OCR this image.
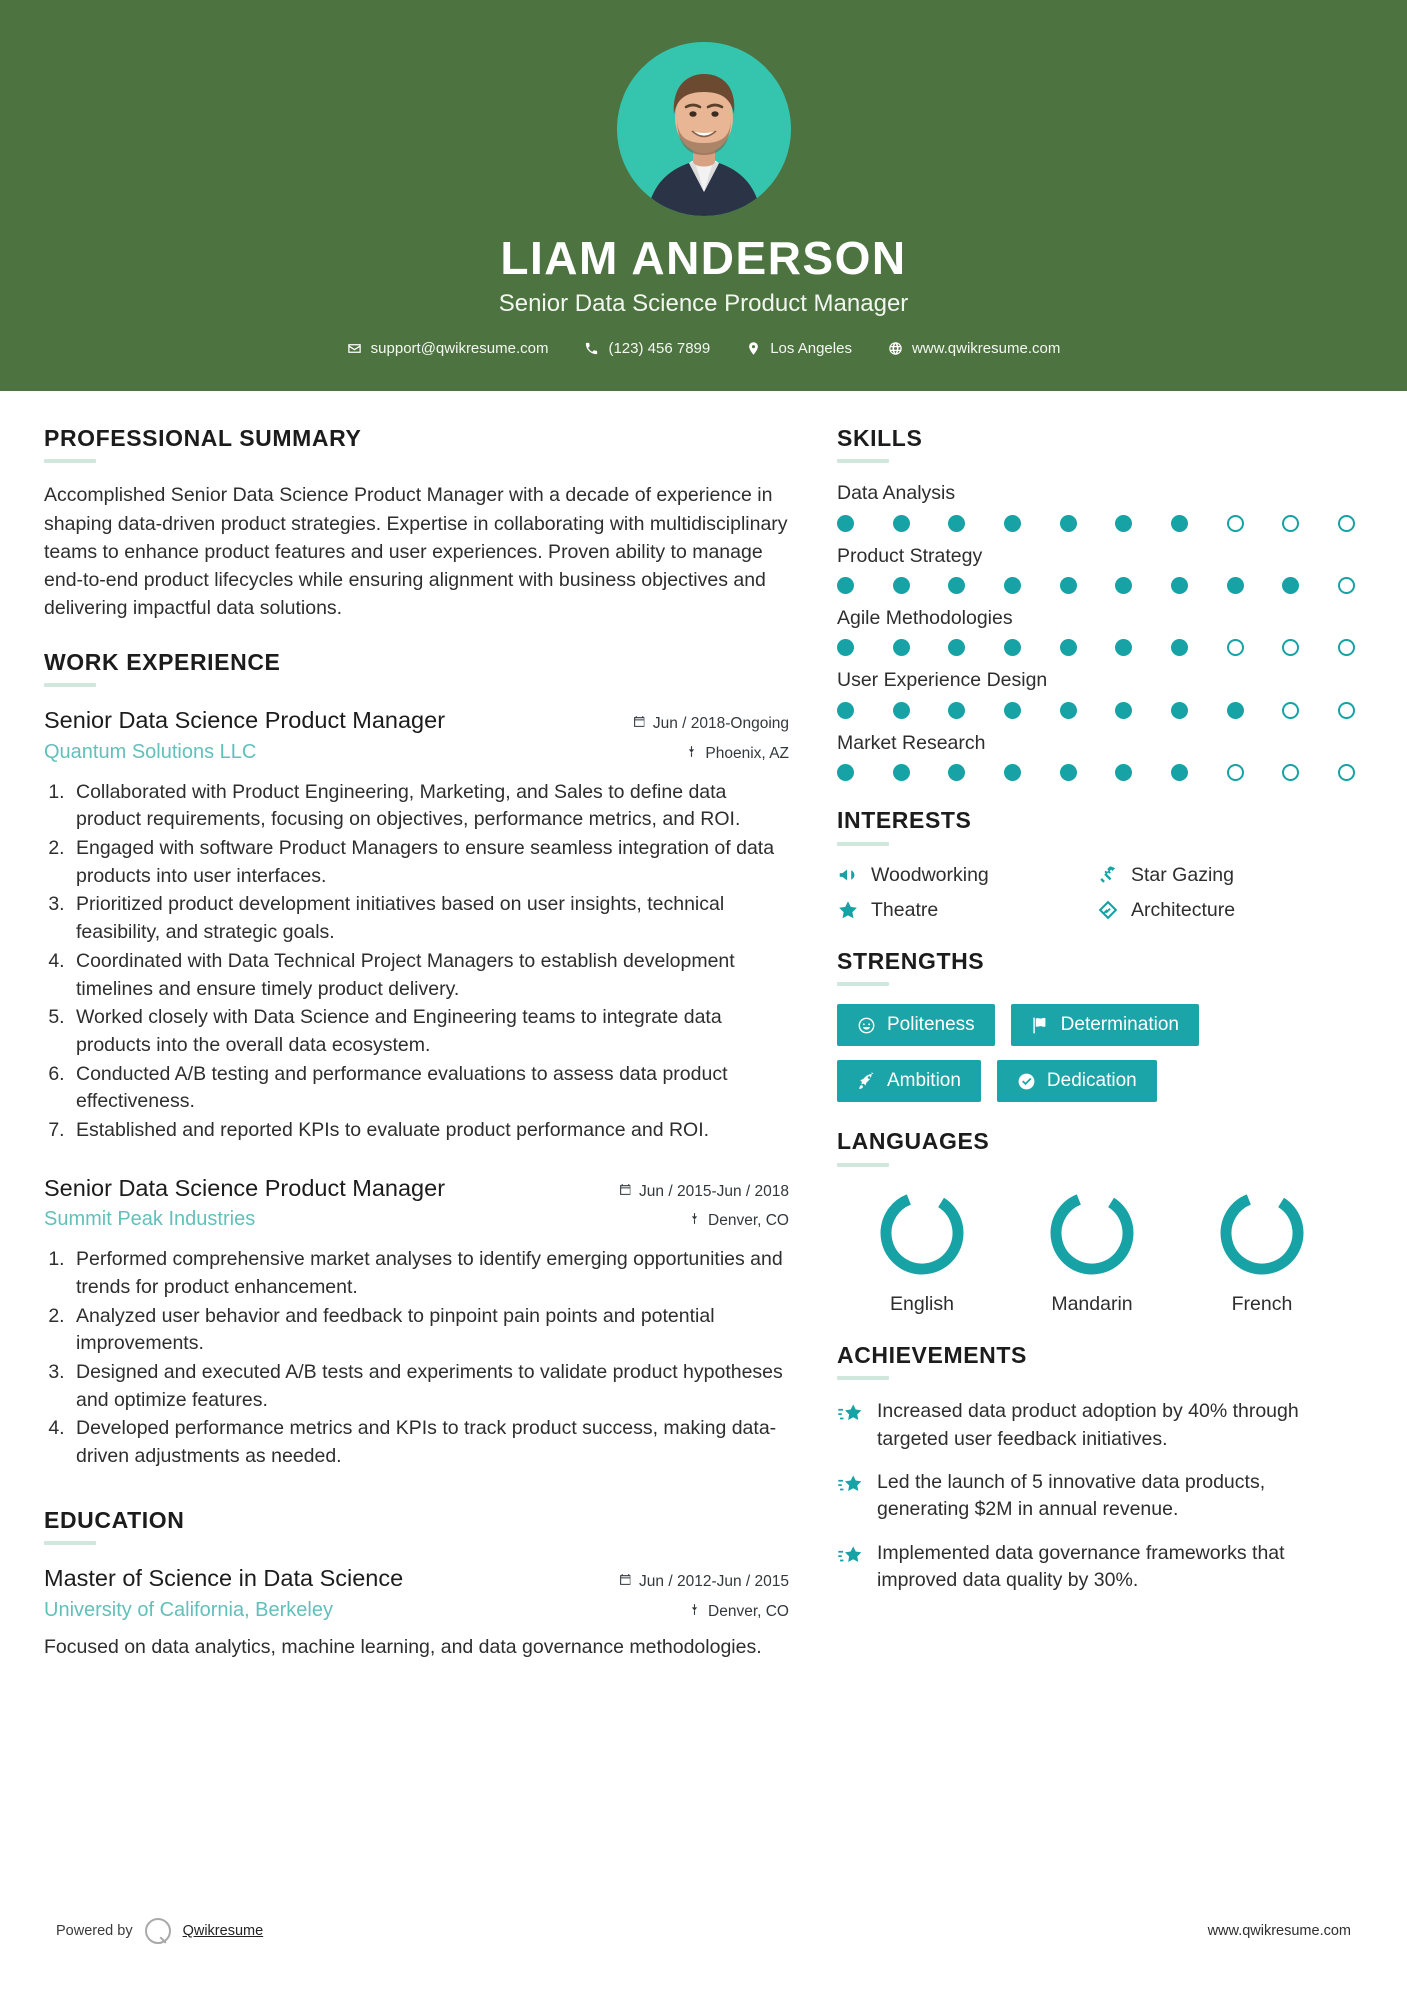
LIAM ANDERSON
Senior Data Science Product Manager
support@qwikresume.com	(123) 456 7899	Los Angeles	www.qwikresume.com
PROFESSIONAL SUMMARY

Accomplished Senior Data Science Product Manager with a decade of experience in shaping data-driven product strategies. Expertise in collaborating with multidisciplinary teams to enhance product features and user experiences. Proven ability to manage end-to-end product lifecycles while ensuring alignment with business objectives and delivering impactful data solutions.

WORK EXPERIENCE
Senior Data Science Product Manager	Jun / 2018-Ongoing
Quantum Solutions LLC	Phoenix, AZ
1. Collaborated with Product Engineering, Marketing, and Sales to define data product requirements, focusing on objectives, performance metrics, and ROI.
2. Engaged with software Product Managers to ensure seamless integration of data products into user interfaces.
3. Prioritized product development initiatives based on user insights, technical feasibility, and strategic goals.
4. Coordinated with Data Technical Project Managers to establish development timelines and ensure timely product delivery.
5. Worked closely with Data Science and Engineering teams to integrate data products into the overall data ecosystem.
6. Conducted A/B testing and performance evaluations to assess data product effectiveness.
7. Established and reported KPIs to evaluate product performance and ROI.
Senior Data Science Product Manager	Jun / 2015-Jun / 2018
Summit Peak Industries	Denver, CO
1. Performed comprehensive market analyses to identify emerging opportunities and trends for product enhancement.
2. Analyzed user behavior and feedback to pinpoint pain points and potential improvements.
3. Designed and executed A/B tests and experiments to validate product hypotheses and optimize features.
4. Developed performance metrics and KPIs to track product success, making data-driven adjustments as needed.
EDUCATION
Master of Science in Data Science	Jun / 2012-Jun / 2015
University of California, Berkeley	Denver, CO

Focused on data analytics, machine learning, and data governance methodologies.

SKILLS
Data Analysis
Product Strategy
Agile Methodologies
User Experience Design
Market Research
INTERESTS
Woodworking	Star Gazing
Theatre	Architecture
STRENGTHS
Politeness	Determination
Ambition	Dedication
LANGUAGES
English	Mandarin	French
ACHIEVEMENTS
Increased data product adoption by 40% through targeted user feedback initiatives.
Led the launch of 5 innovative data products, generating $2M in annual revenue.
Implemented data governance frameworks that improved data quality by 30%.
Powered by	Qwikresume	www.qwikresume.com
